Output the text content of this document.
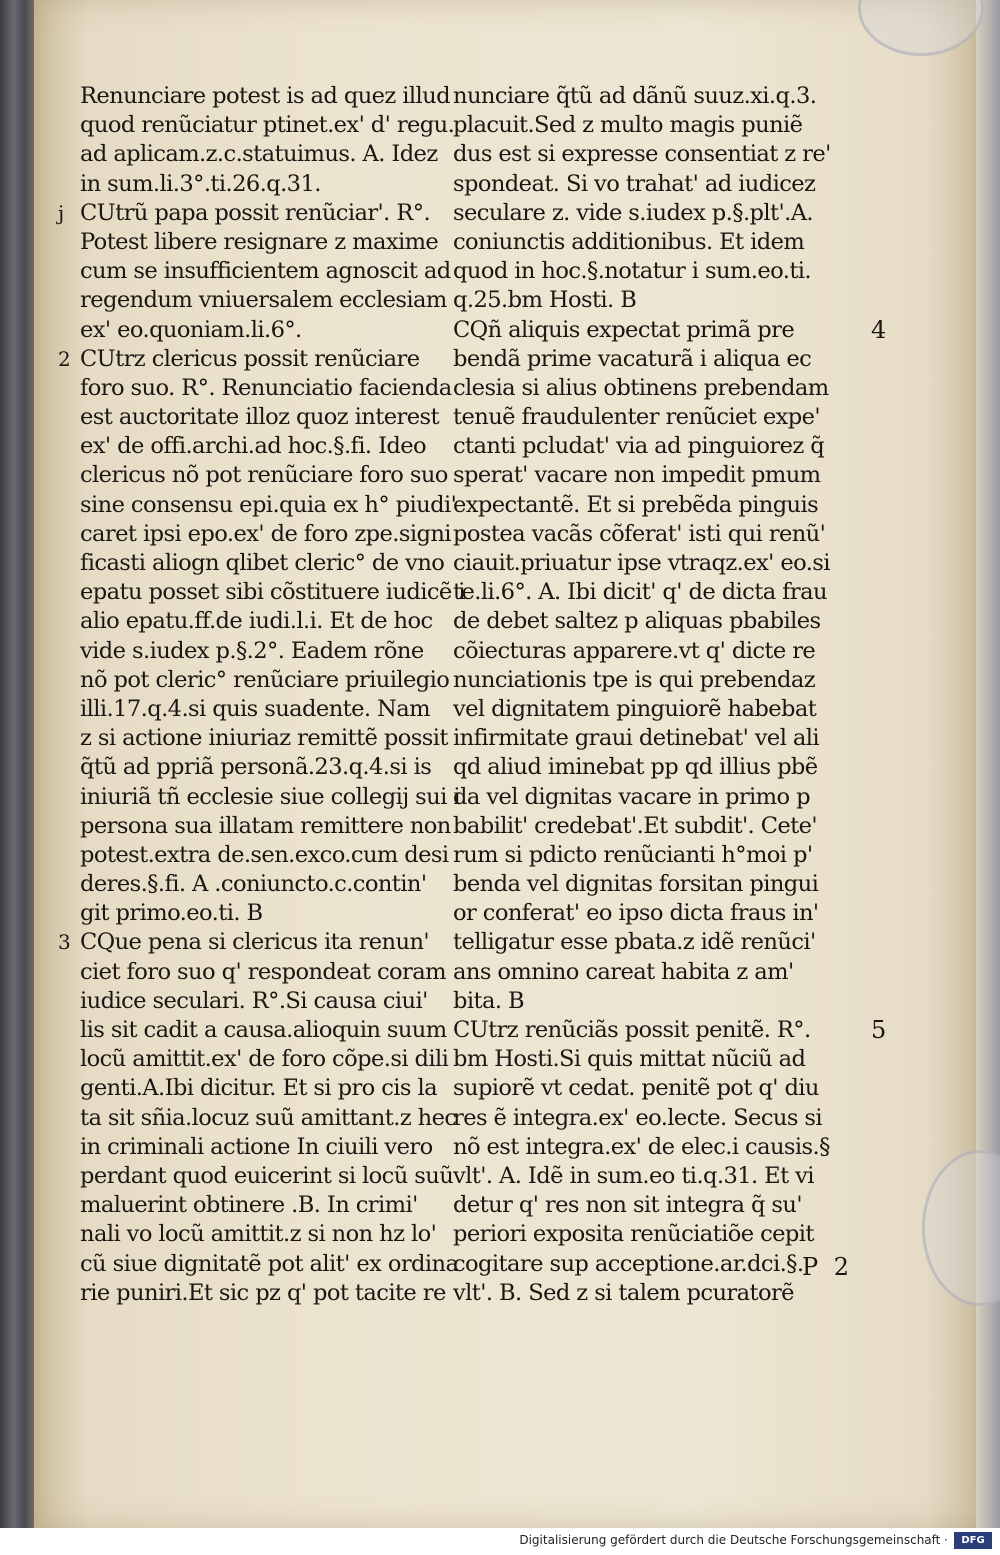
Renunciare potest is ad quez illud
quod renũciatur ptinet.ex' d' regu.
ad aplicam.z.c.statuimus. A. Idez
in sum.li.3°.ti.26.q.31.
CUtrũ papa possit renũciar'. R°.
j
Potest libere resignare z maxime
cum se insufficientem agnoscit ad
regendum vniuersalem ecclesiam
ex' eo.quoniam.li.6°.
CUtrz clericus possit renũciare
2
foro suo. R°. Renunciatio facienda
est auctoritate illoz quoz interest
ex' de offi.archi.ad hoc.§.fi. Ideo
clericus nõ pot renũciare foro suo
sine consensu epi.quia ex h° piudi'
caret ipsi epo.ex' de foro zpe.signi
ficasti aliogn qlibet cleric° de vno
epatu posset sibi cõstituere iudicẽ i
alio epatu.ff.de iudi.l.i. Et de hoc
vide s.iudex p.§.2°. Eadem rõne
nõ pot cleric° renũciare priuilegio
illi.17.q.4.si quis suadente. Nam
z si actione iniuriaz remittẽ possit
q̃tũ ad ppriã personã.23.q.4.si is
iniuriã tñ ecclesie siue collegij sui i
persona sua illatam remittere non
potest.extra de.sen.exco.cum desi
deres.§.fi. A .coniuncto.c.contin'
git primo.eo.ti. B
CQue pena si clericus ita renun'
3
ciet foro suo q' respondeat coram
iudice seculari. R°.Si causa ciui'
lis sit cadit a causa.alioquin suum
locũ amittit.ex' de foro cõpe.si dili
genti.A.Ibi dicitur. Et si pro cis la
ta sit sñia.locuz suũ amittant.z hec
in criminali actione In ciuili vero
perdant quod euicerint si locũ suũ
maluerint obtinere .B. In crimi'
nali vo locũ amittit.z si non hz lo'
cũ siue dignitatẽ pot alit' ex ordina
rie puniri.Et sic pz q' pot tacite re
nunciare q̃tũ ad dãnũ suuz.xi.q.3.
placuit.Sed z multo magis puniẽ
dus est si expresse consentiat z re'
spondeat. Si vo trahat' ad iudicez
seculare z. vide s.iudex p.§.plt'.A.
coniunctis additionibus. Et idem
quod in hoc.§.notatur i sum.eo.ti.
q.25.bm Hosti. B
CQñ aliquis expectat primã pre	4
bendã prime vacaturã i aliqua ec
clesia si alius obtinens prebendam
tenuẽ fraudulenter renũciet expe'
ctanti pcludat' via ad pinguiorez q̃
sperat' vacare non impedit pmum
expectantẽ. Et si prebẽda pinguis
postea vacãs cõferat' isti qui renũ'
ciauit.priuatur ipse vtraqz.ex' eo.si
te.li.6°. A. Ibi dicit' q' de dicta frau
de debet saltez p aliquas pbabiles
cõiecturas apparere.vt q' dicte re
nunciationis tpe is qui prebendaz
vel dignitatem pinguiorẽ habebat
infirmitate graui detinebat' vel ali
qd aliud iminebat pp qd illius pbẽ
da vel dignitas vacare in primo p
babilit' credebat'.Et subdit'. Cete'
rum si pdicto renũcianti h°moi p'
benda vel dignitas forsitan pingui
or conferat' eo ipso dicta fraus in'
telligatur esse pbata.z idẽ renũci'
ans omnino careat habita z am'
bita. B
CUtrz renũciãs possit penitẽ. R°.	5
bm Hosti.Si quis mittat nũciũ ad
supiorẽ vt cedat. penitẽ pot q' diu
res ẽ integra.ex' eo.lecte. Secus si
nõ est integra.ex' de elec.i causis.§
vlt'. A. Idẽ in sum.eo ti.q.31. Et vi
detur q' res non sit integra q̃ su'
periori exposita renũciatiõe cepit
cogitare sup acceptione.ar.dci.§.
vlt'. B. Sed z si talem pcuratorẽ
P 2
Digitalisierung gefördert durch die Deutsche Forschungsgemeinschaft ·	DFG
